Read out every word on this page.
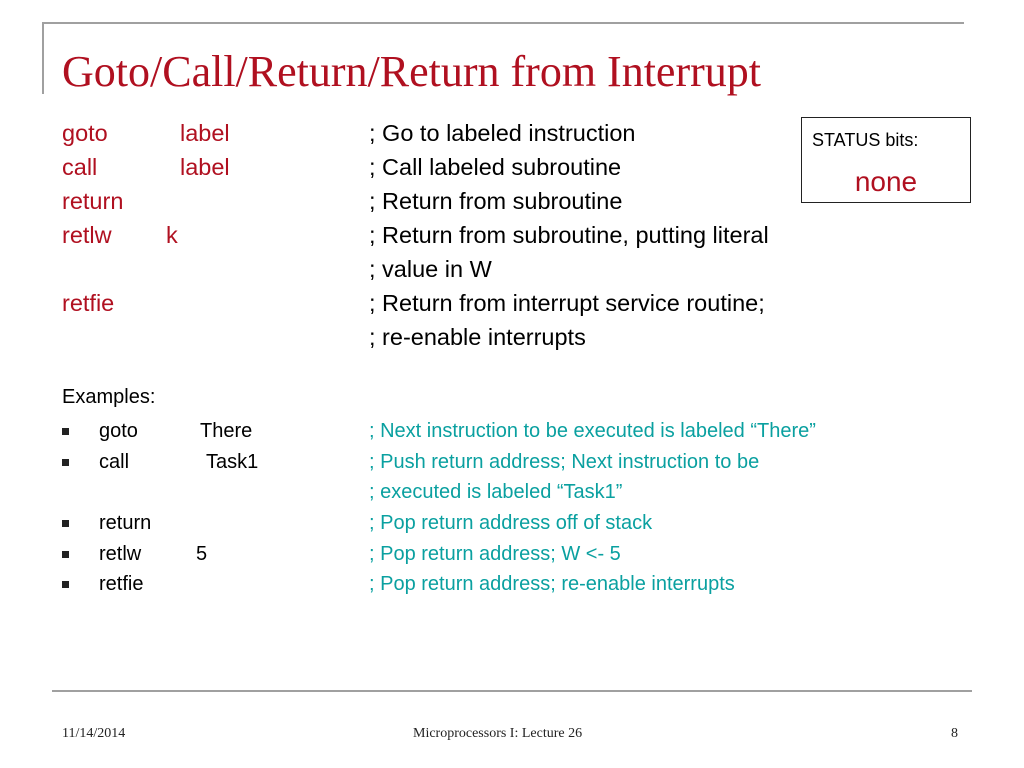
Goto/Call/Return/Return from Interrupt
goto	label	; Go to labeled instruction
call	label	; Call labeled subroutine
return	; Return from subroutine
retlw k	; Return from subroutine, putting literal
; value in W
retfie	; Return from interrupt service routine;
; re-enable interrupts
STATUS bits:
none
Examples:
goto	There	; Next instruction to be executed is labeled “There”
call	Task1	; Push return address; Next instruction to be
; executed is labeled “Task1”
return	; Pop return address off of stack
retlw	5	; Pop return address; W <- 5
retfie	; Pop return address; re-enable interrupts
11/14/2014	Microprocessors I: Lecture 26	8
